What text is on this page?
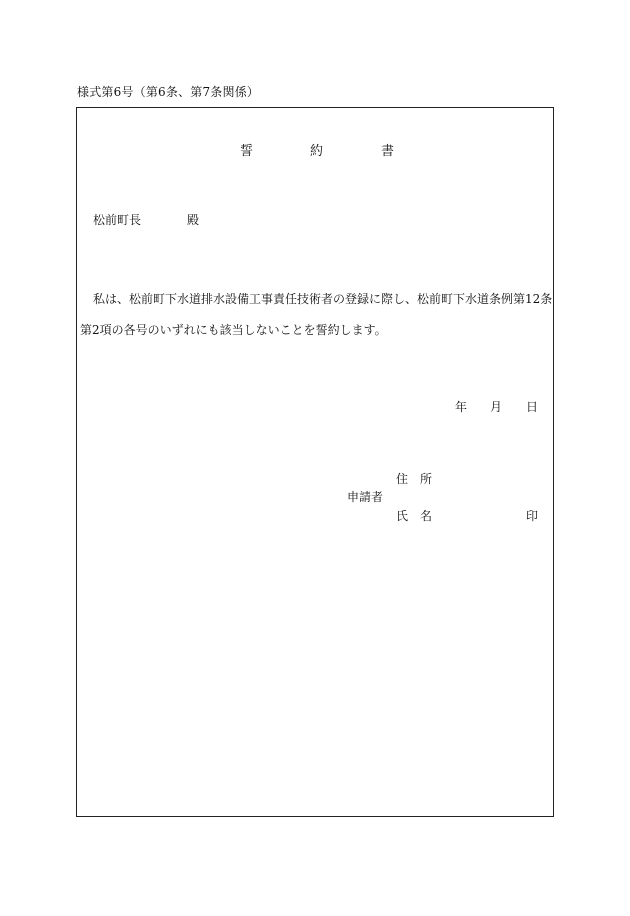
様式第6号（第6条、第7条関係）
誓	約	書
松前町長	殿
私は、松前町下水道排水設備工事責任技術者の登録に際し、松前町下水道条例第12条
第2項の各号のいずれにも該当しないことを誓約します。
年 月 日
住 所
申請者
氏 名	印
